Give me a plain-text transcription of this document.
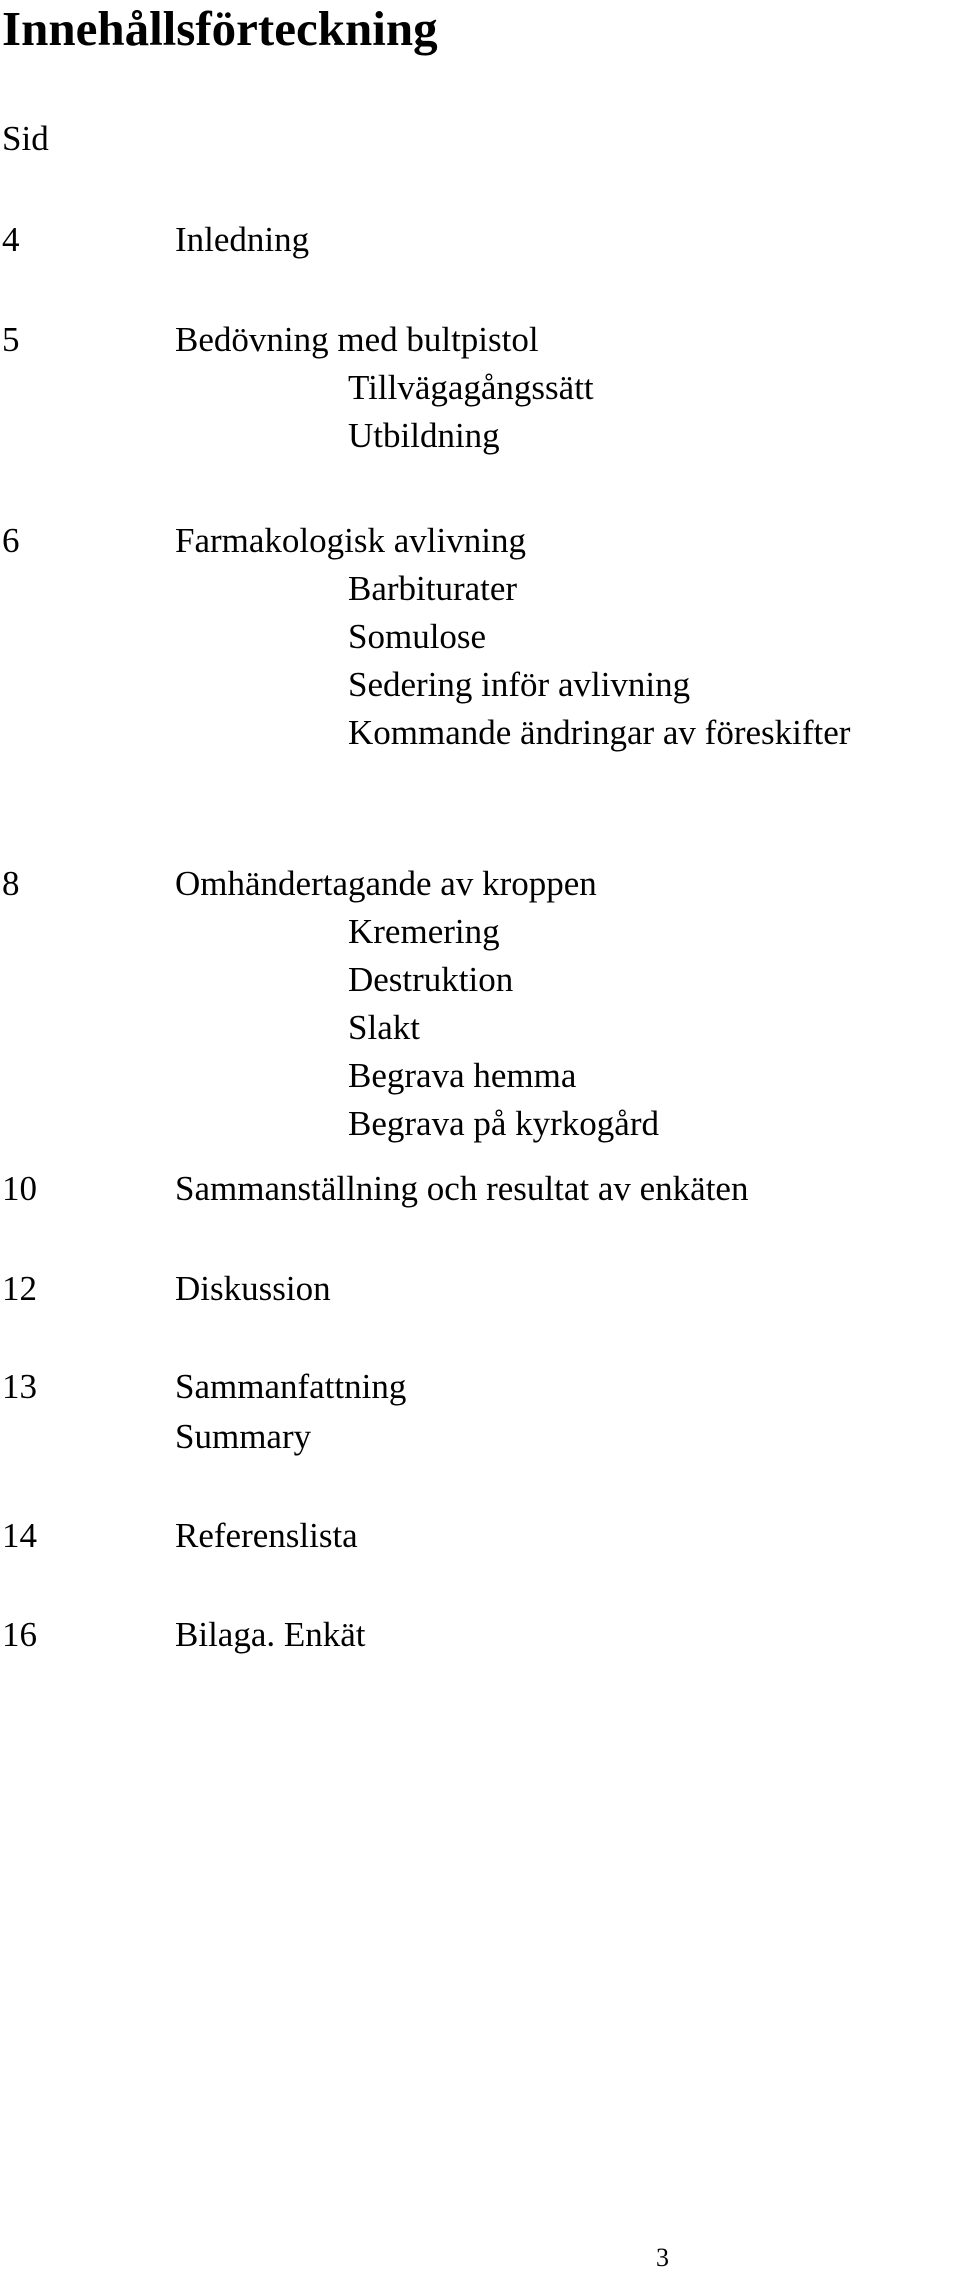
Innehållsförteckning
Sid
4	Inledning
5	Bedövning med bultpistol
Tillvägagångssätt
Utbildning
6	Farmakologisk avlivning
Barbiturater
Somulose
Sedering inför avlivning
Kommande ändringar av föreskifter
8	Omhändertagande av kroppen
Kremering
Destruktion
Slakt
Begrava hemma
Begrava på kyrkogård
10	Sammanställning och resultat av enkäten
12	Diskussion
13	Sammanfattning
Summary
14	Referenslista
16	Bilaga. Enkät
3
